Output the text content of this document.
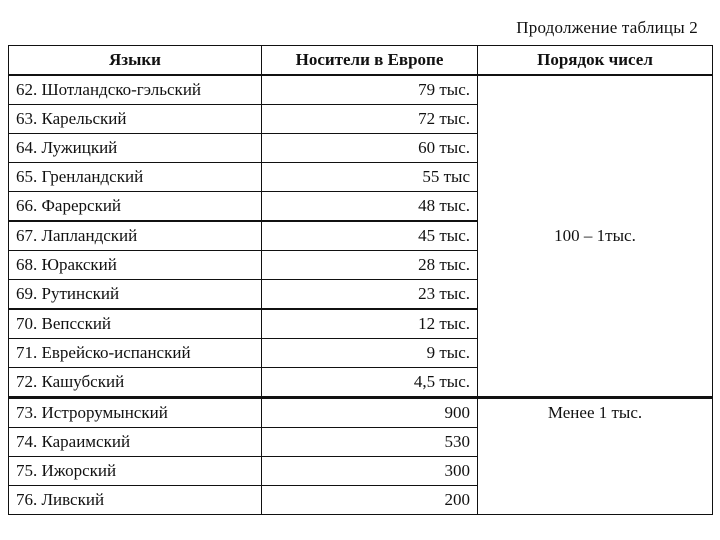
Продолжение таблицы 2
Языки	Носители в Европе	Порядок чисел
62. Шотландско-гэльский	79 тыс.	100 – 1тыс.
63. Карельский	72 тыс.	
64. Лужицкий	60 тыс.	
65. Гренландский	55 тыс	
66. Фарерский	48 тыс.	
67. Лапландский	45 тыс.	
68. Юракский	28 тыс.	
69. Рутинский	23 тыс.	
70. Вепсский	12 тыс.	
71. Еврейско-испанский	9 тыс.	
72. Кашубский	4,5 тыс.	
73. Истрорумынский	900	Менее 1 тыс.
74. Караимский	530	
75. Ижорский	300	
76. Ливский	200	
